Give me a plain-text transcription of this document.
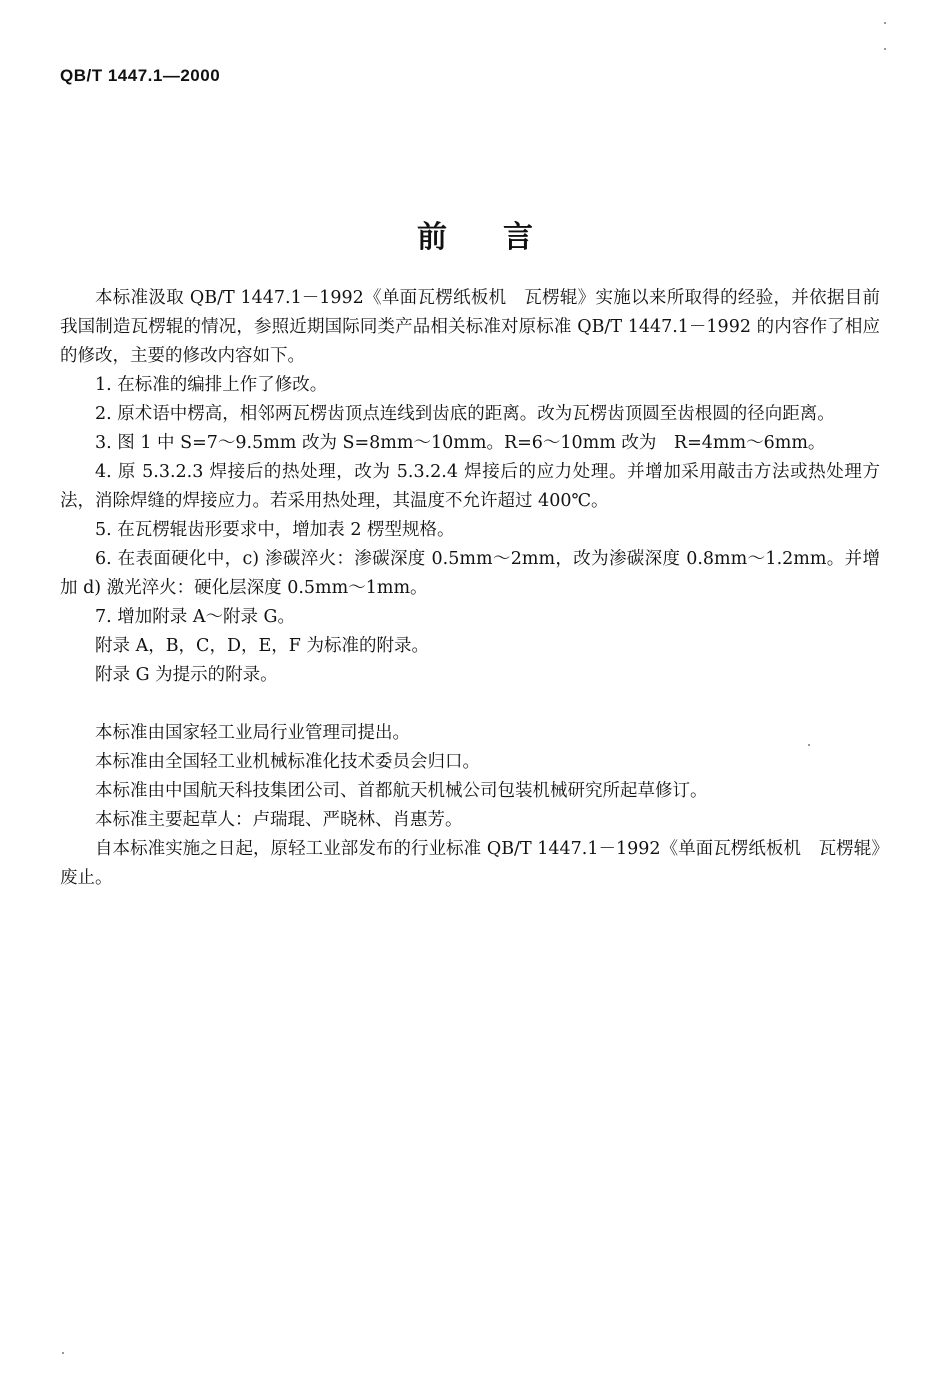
QB/T 1447.1—2000
前言

本标准汲取 QB/T 1447.1－1992《单面瓦楞纸板机　瓦楞辊》实施以来所取得的经验，并依据目前我国制造瓦楞辊的情况，参照近期国际同类产品相关标准对原标准 QB/T 1447.1－1992 的内容作了相应的修改，主要的修改内容如下。

1. 在标准的编排上作了修改。

2. 原术语中楞高，相邻两瓦楞齿顶点连线到齿底的距离。改为瓦楞齿顶圆至齿根圆的径向距离。

3. 图 1 中 S=7～9.5mm 改为 S=8mm～10mm。R=6～10mm 改为　R=4mm～6mm。

4. 原 5.3.2.3 焊接后的热处理，改为 5.3.2.4 焊接后的应力处理。并增加采用敲击方法或热处理方法，消除焊缝的焊接应力。若采用热处理，其温度不允许超过 400℃。

5. 在瓦楞辊齿形要求中，增加表 2 楞型规格。

6. 在表面硬化中，c) 渗碳淬火：渗碳深度 0.5mm～2mm，改为渗碳深度 0.8mm～1.2mm。并增加 d) 激光淬火：硬化层深度 0.5mm～1mm。

7. 增加附录 A～附录 G。

附录 A，B，C，D，E，F 为标准的附录。

附录 G 为提示的附录。

本标准由国家轻工业局行业管理司提出。

本标准由全国轻工业机械标准化技术委员会归口。

本标准由中国航天科技集团公司、首都航天机械公司包装机械研究所起草修订。

本标准主要起草人：卢瑞琨、严晓林、肖惠芳。

自本标准实施之日起，原轻工业部发布的行业标准 QB/T 1447.1－1992《单面瓦楞纸板机　瓦楞辊》废止。
